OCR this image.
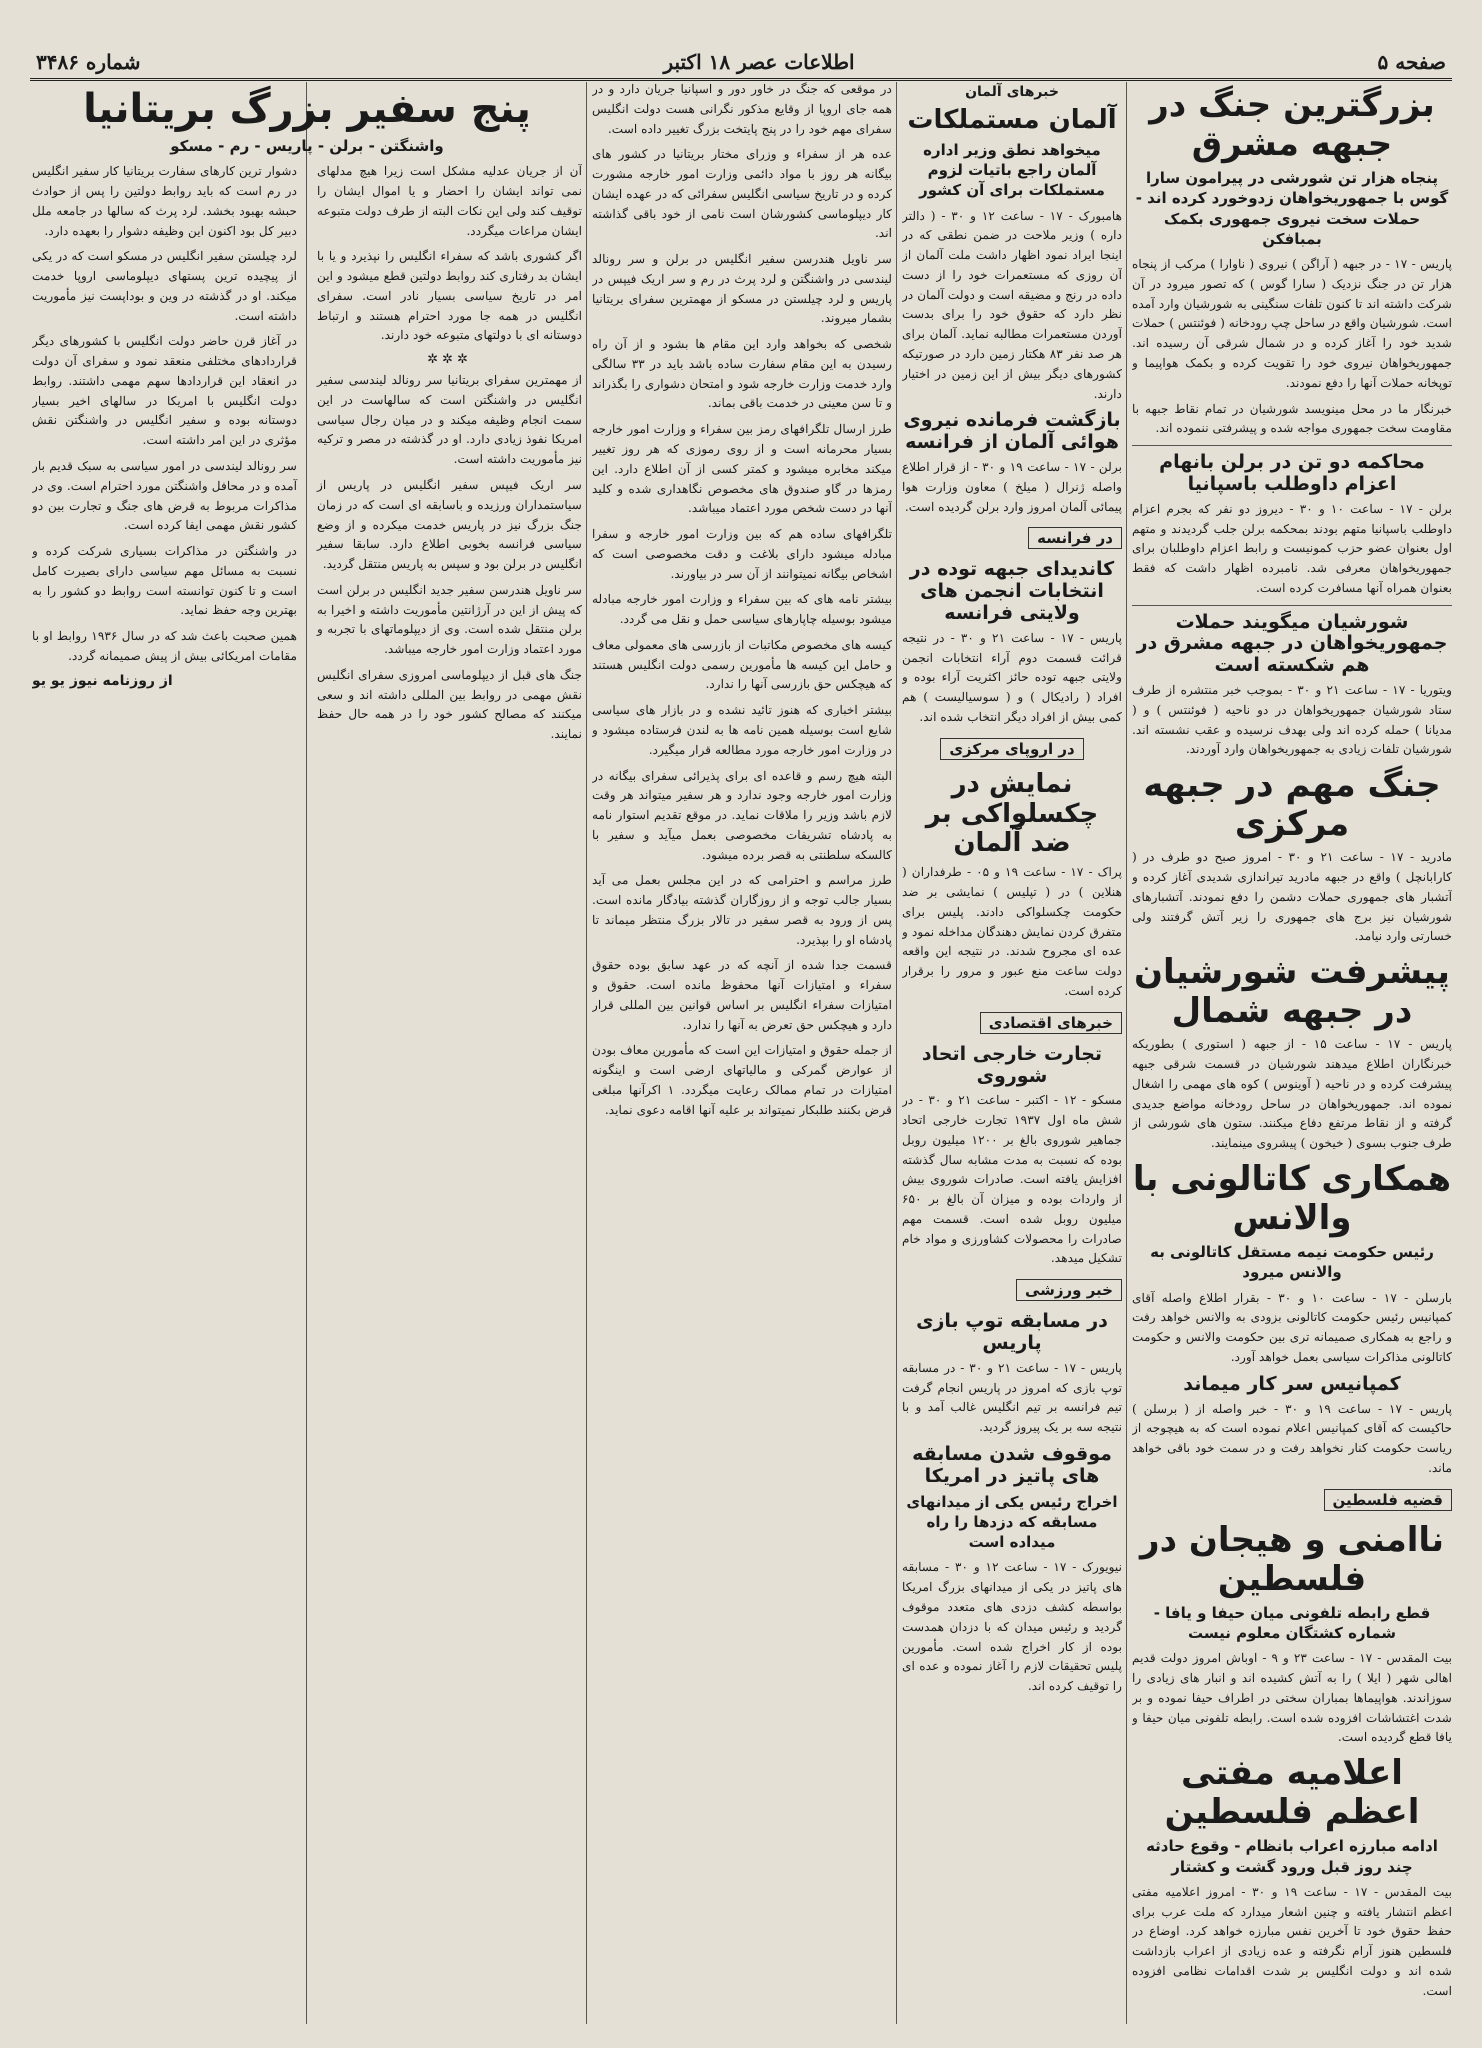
صفحه ۵
اطلاعات عصر ۱۸ اکتبر
شماره ۳۴۸۶
بزرگترین جنگ در جبهه مشرق
پنجاه هزار تن شورشی در پیرامون سارا گوس با جمهوریخواهان زدوخورد کرده اند - حملات سخت نیروی جمهوری بکمک بمبافکن

پاریس - ۱۷ - در جبهه ( آراگن ) نیروی ( ناوارا ) مرکب از پنجاه هزار تن در جنگ نزدیک ( سارا گوس ) که تصور میرود در آن شرکت داشته اند تا کنون تلفات سنگینی به شورشیان وارد آمده است. شورشیان واقع در ساحل چپ رودخانه ( فوئنتس ) حملات شدید خود را آغاز کرده و در شمال شرقی آن رسیده اند. جمهوریخواهان نیروی خود را تقویت کرده و بکمک هواپیما و توپخانه حملات آنها را دفع نمودند.

خبرنگار ما در محل مینویسد شورشیان در تمام نقاط جبهه با مقاومت سخت جمهوری مواجه شده و پیشرفتی ننموده اند.

محاکمه دو تن در برلن بانهام اعزام داوطلب باسپانیا

برلن - ۱۷ - ساعت ۱۰ و ۳۰ - دیروز دو نفر که بجرم اعزام داوطلب باسپانیا متهم بودند بمحکمه برلن جلب گردیدند و متهم اول بعنوان عضو حزب کمونیست و رابط اعزام داوطلبان برای جمهوریخواهان معرفی شد. نامبرده اظهار داشت که فقط بعنوان همراه آنها مسافرت کرده است.

شورشیان میگویند حملات جمهوریخواهان در جبهه مشرق در هم شکسته است

ویتوریا - ۱۷ - ساعت ۲۱ و ۳۰ - بموجب خبر منتشره از طرف ستاد شورشیان جمهوریخواهان در دو ناحیه ( فوئنتس ) و ( مدیانا ) حمله کرده اند ولی بهدف نرسیده و عقب نشسته اند. شورشیان تلفات زیادی به جمهوریخواهان وارد آوردند.

جنگ مهم در جبهه مرکزی

مادرید - ۱۷ - ساعت ۲۱ و ۳۰ - امروز صبح دو طرف در ( کارابانچل ) واقع در جبهه مادرید تیراندازی شدیدی آغاز کرده و آتشبار های جمهوری حملات دشمن را دفع نمودند. آتشبارهای شورشیان نیز برج های جمهوری را زیر آتش گرفتند ولی خسارتی وارد نیامد.

پیشرفت شورشیان در جبهه شمال

پاریس - ۱۷ - ساعت ۱۵ - از جبهه ( استوری ) بطوریکه خبرنگاران اطلاع میدهند شورشیان در قسمت شرقی جبهه پیشرفت کرده و در ناحیه ( آوینوس ) کوه های مهمی را اشغال نموده اند. جمهوریخواهان در ساحل رودخانه مواضع جدیدی گرفته و از نقاط مرتفع دفاع میکنند. ستون های شورشی از طرف جنوب بسوی ( خیخون ) پیشروی مینمایند.

همکاری کاتالونی با والانس
رئیس حکومت نیمه مستقل کاتالونی به والانس میرود

بارسلن - ۱۷ - ساعت ۱۰ و ۳۰ - بقرار اطلاع واصله آقای کمپانیس رئیس حکومت کاتالونی بزودی به والانس خواهد رفت و راجع به همکاری صمیمانه تری بین حکومت والانس و حکومت کاتالونی مذاکرات سیاسی بعمل خواهد آورد.

کمپانیس سر کار میماند

پاریس - ۱۷ - ساعت ۱۹ و ۳۰ - خبر واصله از ( برسلن ) حاکیست که آقای کمپانیس اعلام نموده است که به هیچوجه از ریاست حکومت کنار نخواهد رفت و در سمت خود باقی خواهد ماند.

قضیه فلسطین
ناامنی و هیجان در فلسطین
قطع رابطه تلفونی میان حیفا و یافا - شماره کشتگان معلوم نیست

بیت المقدس - ۱۷ - ساعت ۲۳ و ۹ - اوباش امروز دولت قدیم اهالی شهر ( ایلا ) را به آتش کشیده اند و انبار های زیادی را سوزاندند. هواپیماها بمباران سختی در اطراف حیفا نموده و بر شدت اغتشاشات افزوده شده است. رابطه تلفونی میان حیفا و یافا قطع گردیده است.

اعلامیه مفتی اعظم فلسطین
ادامه مبارزه اعراب بانظام - وقوع حادثه چند روز قبل ورود گشت و کشتار

بیت المقدس - ۱۷ - ساعت ۱۹ و ۳۰ - امروز اعلامیه مفتی اعظم انتشار یافته و چنین اشعار میدارد که ملت عرب برای حفظ حقوق خود تا آخرین نفس مبارزه خواهد کرد. اوضاع در فلسطین هنوز آرام نگرفته و عده زیادی از اعراب بازداشت شده اند و دولت انگلیس بر شدت اقدامات نظامی افزوده است.

خبرهای آلمان
آلمان مستملکات
میخواهد نطق وزیر اداره آلمان راجع باتیات لزوم مستملکات برای آن کشور

هامبورک - ۱۷ - ساعت ۱۲ و ۳۰ - ( دالتر داره ) وزیر ملاحت در ضمن نطقی که در اینجا ایراد نمود اظهار داشت ملت آلمان از آن روزی که مستعمرات خود را از دست داده در رنج و مضیقه است و دولت آلمان در نظر دارد که حقوق خود را برای بدست آوردن مستعمرات مطالبه نماید. آلمان برای هر صد نفر ۸۳ هکتار زمین دارد در صورتیکه کشورهای دیگر بیش از این زمین در اختیار دارند.

بازگشت فرمانده نیروی هوائی آلمان از فرانسه

برلن - ۱۷ - ساعت ۱۹ و ۳۰ - از قرار اطلاع واصله ژنرال ( میلخ ) معاون وزارت هوا پیمائی آلمان امروز وارد برلن گردیده است.

در فرانسه
کاندیدای جبهه توده در انتخابات انجمن های ولایتی فرانسه

پاریس - ۱۷ - ساعت ۲۱ و ۳۰ - در نتیجه قرائت قسمت دوم آراء انتخابات انجمن ولایتی جبهه توده حائز اکثریت آراء بوده و افراد ( رادیکال ) و ( سوسیالیست ) هم کمی بیش از افراد دیگر انتخاب شده اند.

در اروپای مرکزی
نمایش در چکسلواکی بر ضد آلمان

پراک - ۱۷ - ساعت ۱۹ و ۰۵ - طرفداران ( هنلاین ) در ( تپلیس ) نمایشی بر ضد حکومت چکسلواکی دادند. پلیس برای متفرق کردن نمایش دهندگان مداخله نمود و عده ای مجروح شدند. در نتیجه این واقعه دولت ساعت منع عبور و مرور را برقرار کرده است.

خبرهای اقتصادی
تجارت خارجی اتحاد شوروی

مسکو - ۱۲ - اکتبر - ساعت ۲۱ و ۳۰ - در شش ماه اول ۱۹۳۷ تجارت خارجی اتحاد جماهیر شوروی بالغ بر ۱۲۰۰ میلیون روبل بوده که نسبت به مدت مشابه سال گذشته افزایش یافته است. صادرات شوروی بیش از واردات بوده و میزان آن بالغ بر ۶۵۰ میلیون روبل شده است. قسمت مهم صادرات را محصولات کشاورزی و مواد خام تشکیل میدهد.

خبر ورزشی
در مسابقه توپ بازی پاریس

پاریس - ۱۷ - ساعت ۲۱ و ۳۰ - در مسابقه توپ بازی که امروز در پاریس انجام گرفت تیم فرانسه بر تیم انگلیس غالب آمد و با نتیجه سه بر یک پیروز گردید.

موقوف شدن مسابقه های پاتیز در امریکا
اخراج رئیس یکی از میدانهای مسابقه که دزدها را راه میداده است

نیویورک - ۱۷ - ساعت ۱۲ و ۳۰ - مسابقه های پاتیز در یکی از میدانهای بزرگ امریکا بواسطه کشف دزدی های متعدد موقوف گردید و رئیس میدان که با دزدان همدست بوده از کار اخراج شده است. مأمورین پلیس تحقیقات لازم را آغاز نموده و عده ای را توقیف کرده اند.

در موقعی که جنگ در خاور دور و اسپانیا جریان دارد و در همه جای اروپا از وقایع مذکور نگرانی هست دولت انگلیس سفرای مهم خود را در پنج پایتخت بزرگ تغییر داده است.

عده هر از سفراء و وزرای مختار بریتانیا در کشور های بیگانه هر روز با مواد دائمی وزارت امور خارجه مشورت کرده و در تاریخ سیاسی انگلیس سفرائی که در عهده ایشان کار دیپلوماسی کشورشان است نامی از خود باقی گذاشته اند.

سر ناویل هندرسن سفیر انگلیس در برلن و سر رونالد لیندسی در واشنگتن و لرد پرث در رم و سر اریک فیپس در پاریس و لرد چیلستن در مسکو از مهمترین سفرای بریتانیا بشمار میروند.

شخصی که بخواهد وارد این مقام ها بشود و از آن راه رسیدن به این مقام سفارت ساده باشد باید در ۳۳ سالگی وارد خدمت وزارت خارجه شود و امتحان دشواری را بگذراند و تا سن معینی در خدمت باقی بماند.

طرز ارسال تلگرافهای رمز بین سفراء و وزارت امور خارجه بسیار محرمانه است و از روی رموزی که هر روز تغییر میکند مخابره میشود و کمتر کسی از آن اطلاع دارد. این رمزها در گاو صندوق های مخصوص نگاهداری شده و کلید آنها در دست شخص مورد اعتماد میباشد.

تلگرافهای ساده هم که بین وزارت امور خارجه و سفرا مبادله میشود دارای بلاغت و دقت مخصوصی است که اشخاص بیگانه نمیتوانند از آن سر در بیاورند.

بیشتر نامه های که بین سفراء و وزارت امور خارجه مبادله میشود بوسیله چاپارهای سیاسی حمل و نقل می گردد.

کیسه های مخصوص مکاتبات از بازرسی های معمولی معاف و حامل این کیسه ها مأمورین رسمی دولت انگلیس هستند که هیچکس حق بازرسی آنها را ندارد.

بیشتر اخباری که هنوز تائید نشده و در بازار های سیاسی شایع است بوسیله همین نامه ها به لندن فرستاده میشود و در وزارت امور خارجه مورد مطالعه قرار میگیرد.

البته هیچ رسم و قاعده ای برای پذیرائی سفرای بیگانه در وزارت امور خارجه وجود ندارد و هر سفیر میتواند هر وقت لازم باشد وزیر را ملاقات نماید. در موقع تقدیم استوار نامه به پادشاه تشریفات مخصوصی بعمل میآید و سفیر با کالسکه سلطنتی به قصر برده میشود.

طرز مراسم و احترامی که در این مجلس بعمل می آید بسیار جالب توجه و از روزگاران گذشته بیادگار مانده است. پس از ورود به قصر سفیر در تالار بزرگ منتظر میماند تا پادشاه او را بپذیرد.

قسمت جدا شده از آنچه که در عهد سابق بوده حقوق سفراء و امتیازات آنها محفوظ مانده است. حقوق و امتیازات سفراء انگلیس بر اساس قوانین بین المللی قرار دارد و هیچکس حق تعرض به آنها را ندارد.

از جمله حقوق و امتیازات این است که مأمورین معاف بودن از عوارض گمرکی و مالیاتهای ارضی است و اینگونه امتیازات در تمام ممالک رعایت میگردد. ۱ اکرآنها مبلغی قرض بکنند طلبکار نمیتواند بر علیه آنها اقامه دعوی نماید.

پنج سفیر بزرگ بریتانیا
واشنگتن - برلن - پاریس - رم - مسکو

آن از جریان عدلیه مشکل است زیرا هیچ مدلهای نمی تواند ایشان را احضار و یا اموال ایشان را توقیف کند ولی این نکات البته از طرف دولت متبوعه ایشان مراعات میگردد.

اگر کشوری باشد که سفراء انگلیس را نپذیرد و یا با ایشان بد رفتاری کند روابط دولتین قطع میشود و این امر در تاریخ سیاسی بسیار نادر است. سفرای انگلیس در همه جا مورد احترام هستند و ارتباط دوستانه ای با دولتهای متبوعه خود دارند.

✲✲✲

از مهمترین سفرای بریتانیا سر رونالد لیندسی سفیر انگلیس در واشنگتن است که سالهاست در این سمت انجام وظیفه میکند و در میان رجال سیاسی امریکا نفوذ زیادی دارد. او در گذشته در مصر و ترکیه نیز مأموریت داشته است.

سر اریک فیپس سفیر انگلیس در پاریس از سیاستمداران ورزیده و باسابقه ای است که در زمان جنگ بزرگ نیز در پاریس خدمت میکرده و از وضع سیاسی فرانسه بخوبی اطلاع دارد. سابقا سفیر انگلیس در برلن بود و سپس به پاریس منتقل گردید.

سر ناویل هندرسن سفیر جدید انگلیس در برلن است که پیش از این در آرژانتین مأموریت داشته و اخیرا به برلن منتقل شده است. وی از دیپلوماتهای با تجربه و مورد اعتماد وزارت امور خارجه میباشد.

جنگ های قبل از دیپلوماسی امروزی سفرای انگلیس نقش مهمی در روابط بین المللی داشته اند و سعی میکنند که مصالح کشور خود را در همه حال حفظ نمایند.

دشوار ترین کارهای سفارت بریتانیا کار سفیر انگلیس در رم است که باید روابط دولتین را پس از حوادث حبشه بهبود بخشد. لرد پرث که سالها در جامعه ملل دبیر کل بود اکنون این وظیفه دشوار را بعهده دارد.

لرد چیلستن سفیر انگلیس در مسکو است که در یکی از پیچیده ترین پستهای دیپلوماسی اروپا خدمت میکند. او در گذشته در وین و بوداپست نیز مأموریت داشته است.

در آغاز قرن حاضر دولت انگلیس با کشورهای دیگر قراردادهای مختلفی منعقد نمود و سفرای آن دولت در انعقاد این قراردادها سهم مهمی داشتند. روابط دولت انگلیس با امریکا در سالهای اخیر بسیار دوستانه بوده و سفیر انگلیس در واشنگتن نقش مؤثری در این امر داشته است.

سر رونالد لیندسی در امور سیاسی به سبک قدیم بار آمده و در محافل واشنگتن مورد احترام است. وی در مذاکرات مربوط به قرض های جنگ و تجارت بین دو کشور نقش مهمی ایفا کرده است.

در واشنگتن در مذاکرات بسیاری شرکت کرده و نسبت به مسائل مهم سیاسی دارای بصیرت کامل است و تا کنون توانسته است روابط دو کشور را به بهترین وجه حفظ نماید.

همین صحبت باعث شد که در سال ۱۹۳۶ روابط او با مقامات امریکائی بیش از پیش صمیمانه گردد.

از روزنامه نیوز یو یو
